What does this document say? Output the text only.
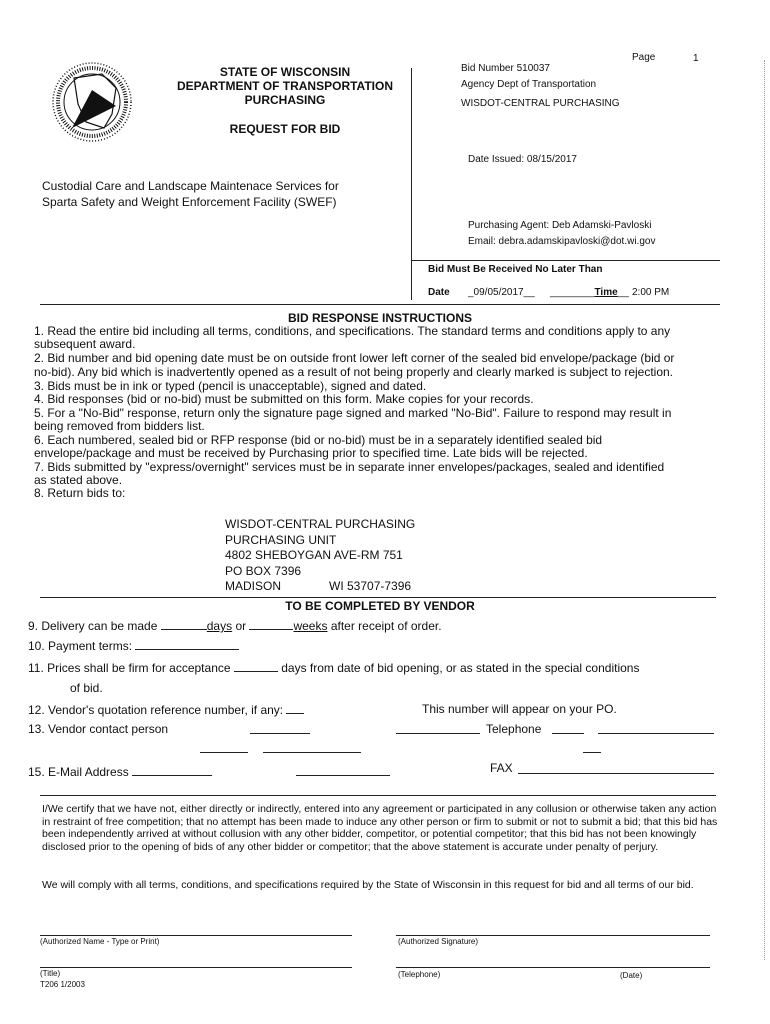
STATE OF WISCONSIN
DEPARTMENT OF TRANSPORTATION
PURCHASING
REQUEST FOR BID
Custodial Care and Landscape Maintenace Services for
Sparta Safety and Weight Enforcement Facility (SWEF)
Page	1
Bid Number 510037
Agency Dept of Transportation
WISDOT-CENTRAL PURCHASING
Date Issued: 08/15/2017
Purchasing Agent: Deb Adamski-Pavloski
Email: debra.adamskipavloski@dot.wi.gov
Bid Must Be Received No Later Than
Date _09/05/2017__ ________Time__ 2:00 PM
BID RESPONSE INSTRUCTIONS
1. Read the entire bid including all terms, conditions, and specifications. The standard terms and conditions apply to any
subsequent award.
2. Bid number and bid opening date must be on outside front lower left corner of the sealed bid envelope/package (bid or
no-bid). Any bid which is inadvertently opened as a result of not being properly and clearly marked is subject to rejection.
3. Bids must be in ink or typed (pencil is unacceptable), signed and dated.
4. Bid responses (bid or no-bid) must be submitted on this form. Make copies for your records.
5. For a "No-Bid" response, return only the signature page signed and marked "No-Bid". Failure to respond may result in
being removed from bidders list.
6. Each numbered, sealed bid or RFP response (bid or no-bid) must be in a separately identified sealed bid
envelope/package and must be received by Purchasing prior to specified time. Late bids will be rejected.
7. Bids submitted by "express/overnight" services must be in separate inner envelopes/packages, sealed and identified
as stated above.
8. Return bids to:
WISDOT-CENTRAL PURCHASING
PURCHASING UNIT
4802 SHEBOYGAN AVE-RM 751
PO BOX 7396
MADISON	WI 53707-7396
TO BE COMPLETED BY VENDOR
9. Delivery can be made	days or	weeks after receipt of order.
10. Payment terms:
11. Prices shall be firm for acceptance	days from date of bid opening, or as stated in the special conditions
of bid.
12. Vendor's quotation reference number, if any:	This number will appear on your PO.
13. Vendor contact person	Telephone
15. E-Mail Address	FAX
I/We certify that we have not, either directly or indirectly, entered into any agreement or participated in any collusion or otherwise taken any action in restraint of free competition; that no attempt has been made to induce any other person or firm to submit or not to submit a bid; that this bid has been independently arrived at without collusion with any other bidder, competitor, or potential competitor; that this bid has not been knowingly disclosed prior to the opening of bids of any other bidder or competitor; that the above statement is accurate under penalty of perjury.
We will comply with all terms, conditions, and specifications required by the State of Wisconsin in this request for bid and all terms of our bid.
(Authorized Name - Type or Print)	(Authorized Signature)
(Title)	(Telephone)	(Date)
T206 1/2003
